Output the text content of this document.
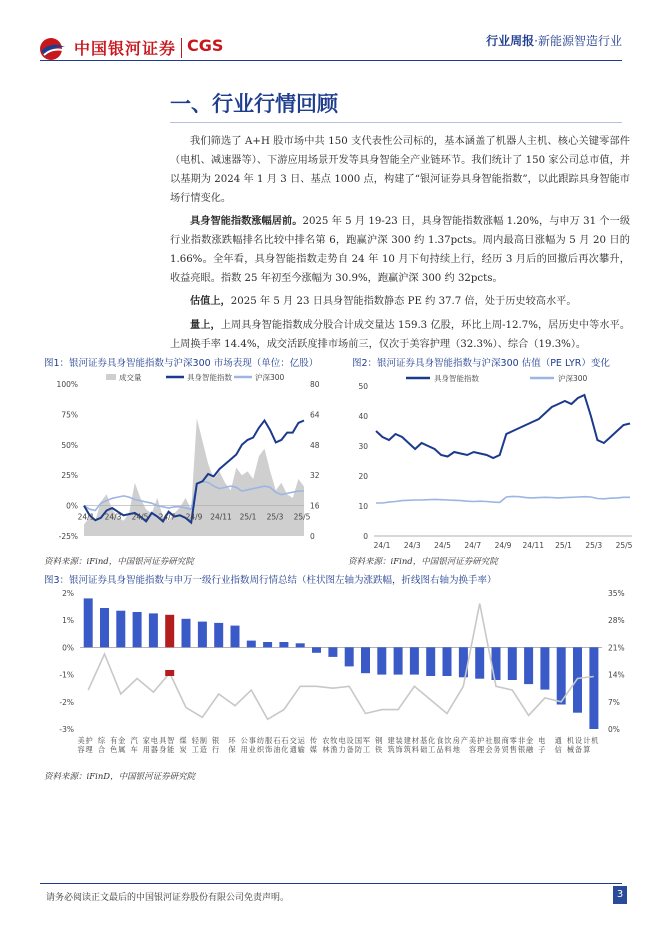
中国银河证券 CGS	行业周报·新能源智造行业
一、行业行情回顾
我们筛选了 A+H 股市场中共 150 支代表性公司标的，基本涵盖了机器人主机、核心关键零部件（电机、减速器等）、下游应用场景开发等具身智能全产业链环节。我们统计了 150 家公司总市值，并以基期为 2024 年 1 月 3 日、基点 1000 点，构建了“银河证券具身智能指数”，以此跟踪具身智能市场行情变化。
具身智能指数涨幅居前。2025 年 5 月 19-23 日，具身智能指数涨幅 1.20%，与申万 31 个一级行业指数涨跌幅排名比较中排名第 6，跑赢沪深 300 约 1.37pcts。周内最高日涨幅为 5 月 20 日的 1.66%。全年看，具身智能指数走势自 24 年 10 月下旬持续上行，经历 3 月后的回撤后再次攀升，收益亮眼。指数 25 年初至今涨幅为 30.9%，跑赢沪深 300 约 32pcts。
估值上，2025 年 5 月 23 日具身智能指数静态 PE 约 37.7 倍，处于历史较高水平。
量上，上周具身智能指数成分股合计成交量达 159.3 亿股，环比上周-12.7%，居历史中等水平。上周换手率 14.4%，成交活跃度排市场前三，仅次于美容护理（32.3%）、综合（19.3%）。
图1：银河证券具身智能指数与沪深300 市场表现（单位：亿股）	图2：银河证券具身智能指数与沪深300 估值（PE LYR）变化
100%
75%
50%
25%
0%
-25%
80
64
48
32
16
0
24/1 24/3 24/5 24/7 24/9 24/11 25/1 25/3 25/5
成交量	具身智能指数	沪深300
50
40
30
20
10
0
24/1 24/3 24/5 24/7 24/9 24/11 25/1 25/3 25/5
具身智能指数	沪深300
资料来源：iFind，中国银河证券研究院	资料来源：iFind，中国银河证券研究院
图3：银河证券具身智能指数与申万一级行业指数周行情总结（柱状图左轴为涨跌幅，折线图右轴为换手率）
2%
1%
0%
-1%
-2%
-3%
35%
28%
21%
14%
7%
0%
美
容
护
理
综
合
有
色
金
属
汽
车
家
用
电
器
具
身
智
能
煤
炭
轻
工
制
造
银
行
环
保
公
用
事
业
纺
织
服
饰
石
油
石
化
交
通
运
输
传
媒
农
林
牧
渔
电
力
设
备
国
防
军
工
钢
铁
建
筑
装
饰
建
筑
材
料
基
础
化
工
食
品
饮
料
房
地
产 美
容
护
理
社
会
服
务
商
贸
零
售
非
银
金
融
电
子
通
信
机
械
设
备
计
算
机
资料来源：iFinD，中国银河证券研究院
请务必阅读正文最后的中国银河证券股份有限公司免责声明。	3
